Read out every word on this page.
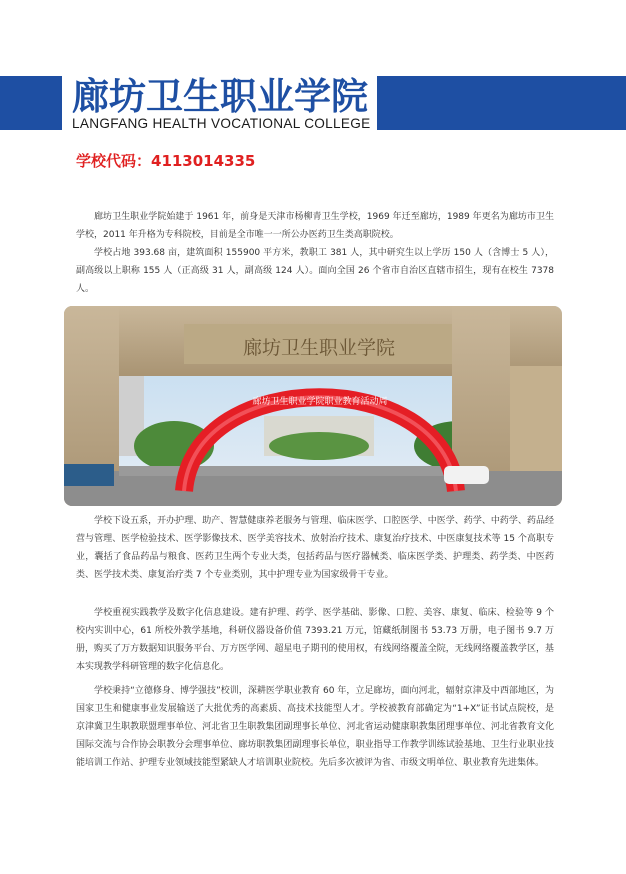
廊坊卫生职业学院
LANGFANG HEALTH VOCATIONAL COLLEGE
学校代码：4113014335

廊坊卫生职业学院始建于 1961 年，前身是天津市杨柳青卫生学校，1969 年迁至廊坊，1989 年更名为廊坊市卫生学校，2011 年升格为专科院校，目前是全市唯一一所公办医药卫生类高职院校。

学校占地 393.68 亩，建筑面积 155900 平方米，教职工 381 人，其中研究生以上学历 150 人（含博士 5 人），副高级以上职称 155 人（正高级 31 人，副高级 124 人）。面向全国 26 个省市自治区直辖市招生，现有在校生 7378 人。

廊坊卫生职业学院
廊坊卫生职业学院职业教育活动周

学校下设五系，开办护理、助产、智慧健康养老服务与管理、临床医学、口腔医学、中医学、药学、中药学、药品经营与管理、医学检验技术、医学影像技术、医学美容技术、放射治疗技术、康复治疗技术、中医康复技术等 15 个高职专业，囊括了食品药品与粮食、医药卫生两个专业大类，包括药品与医疗器械类、临床医学类、护理类、药学类、中医药类、医学技术类、康复治疗类 7 个专业类别，其中护理专业为国家级骨干专业。

学校重视实践教学及数字化信息建设。建有护理、药学、医学基础、影像、口腔、美容、康复、临床、检验等 9 个校内实训中心，61 所校外教学基地，科研仪器设备价值 7393.21 万元，馆藏纸制图书 53.73 万册，电子图书 9.7 万册，购买了万方数据知识服务平台、万方医学网、超星电子期刊的使用权，有线网络覆盖全院，无线网络覆盖教学区，基本实现教学科研管理的数字化信息化。

学校秉持“立德修身、博学强技”校训，深耕医学职业教育 60 年，立足廊坊，面向河北，辐射京津及中西部地区，为国家卫生和健康事业发展输送了大批优秀的高素质、高技术技能型人才。学校被教育部确定为“1+X”证书试点院校，是京津冀卫生职教联盟理事单位、河北省卫生职教集团副理事长单位、河北省运动健康职教集团理事单位、河北省教育文化国际交流与合作协会职教分会理事单位、廊坊职教集团副理事长单位，职业指导工作教学训练试验基地、卫生行业职业技能培训工作站、护理专业领域技能型紧缺人才培训职业院校。先后多次被评为省、市级文明单位、职业教育先进集体。
